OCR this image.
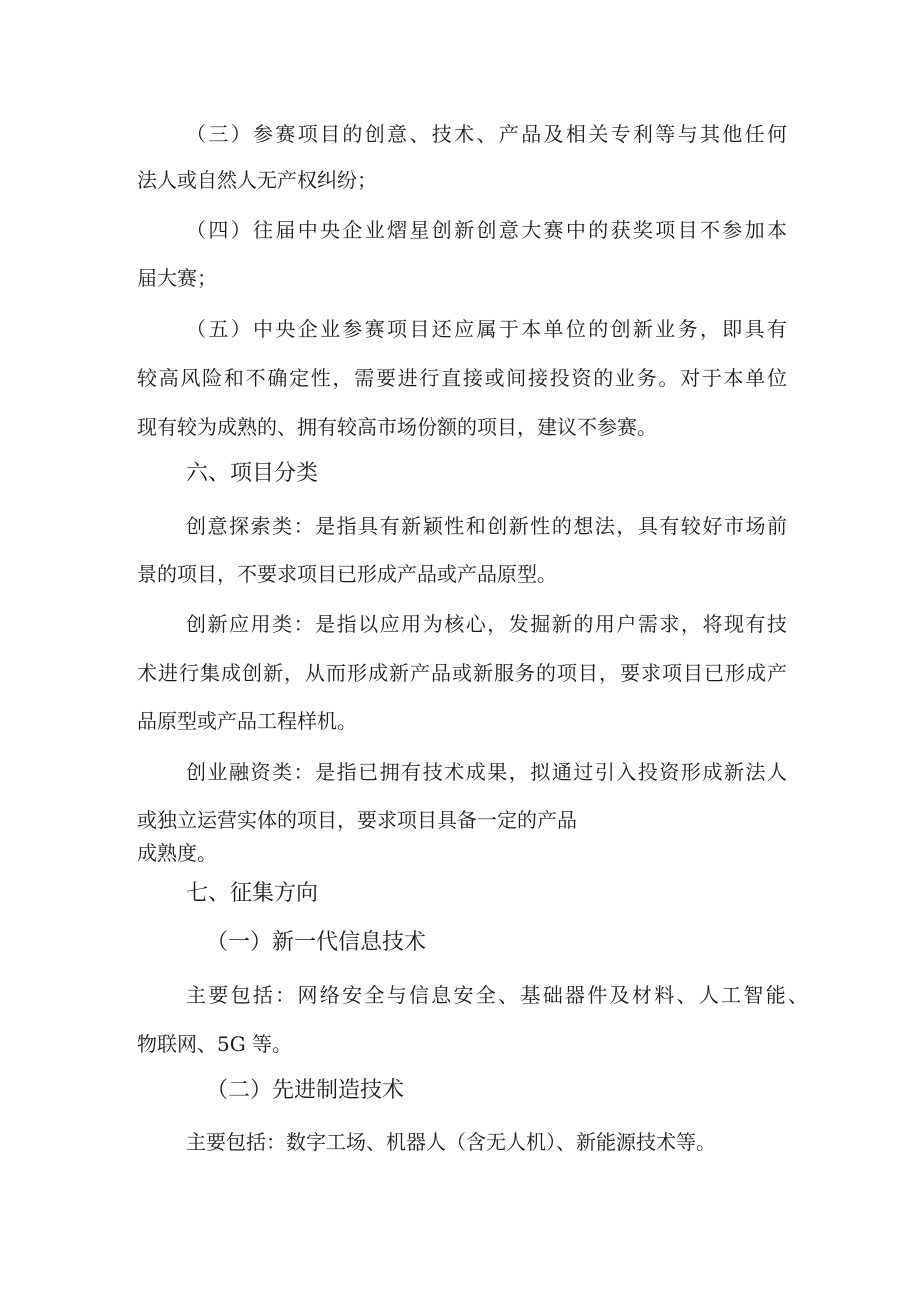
（三）参赛项目的创意、技术、产品及相关专利等与其他任何
法人或自然人无产权纠纷；
（四）往届中央企业熠星创新创意大赛中的获奖项目不参加本
届大赛；
（五）中央企业参赛项目还应属于本单位的创新业务，即具有
较高风险和不确定性，需要进行直接或间接投资的业务。对于本单位
现有较为成熟的、拥有较高市场份额的项目，建议不参赛。
六、项目分类
创意探索类：是指具有新颖性和创新性的想法，具有较好市场前
景的项目，不要求项目已形成产品或产品原型。
创新应用类：是指以应用为核心，发掘新的用户需求，将现有技
术进行集成创新，从而形成新产品或新服务的项目，要求项目已形成产
品原型或产品工程样机。
创业融资类：是指已拥有技术成果，拟通过引入投资形成新法人
或独立运营实体的项目，要求项目具备一定的产品
成熟度。
七、征集方向
（一）新一代信息技术
主要包括：网络安全与信息安全、基础器件及材料、人工智能、
物联网、5G 等。
（二）先进制造技术
主要包括：数字工场、机器人（含无人机）、新能源技术等。
